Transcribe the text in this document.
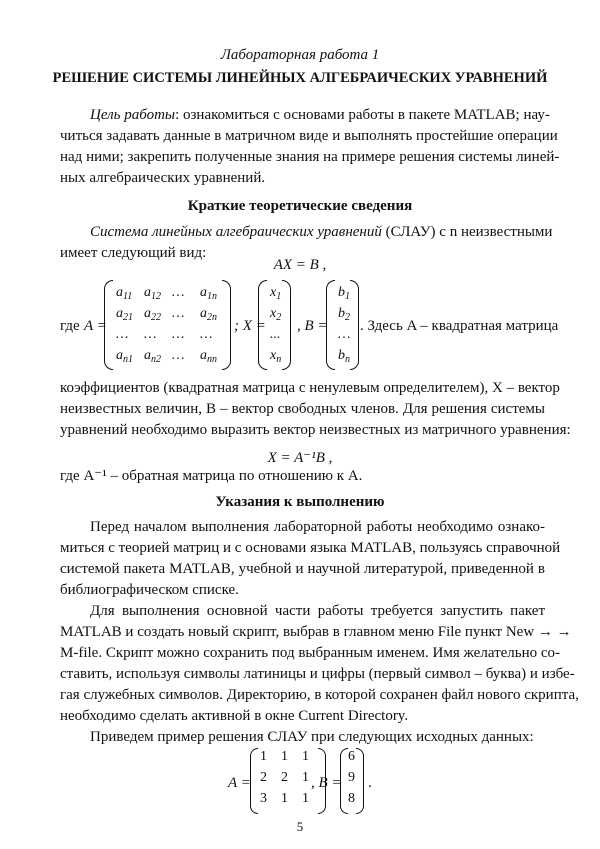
Лабораторная работа 1
РЕШЕНИЕ СИСТЕМЫ ЛИНЕЙНЫХ АЛГЕБРАИЧЕСКИХ УРАВНЕНИЙ
Цель работы: ознакомиться с основами работы в пакете MATLAB; нау-
читься задавать данные в матричном виде и выполнять простейшие операции
над ними; закрепить полученные знания на примере решения системы линей-
ных алгебраических уравнений.
Краткие теоретические сведения
Система линейных алгебраических уравнений (СЛАУ) с n неизвестными
имеет следующий вид:
AX = B ,
где A =
$a_{11}$ $a_{12}$ … $a_{1n}$
$a_{21}$ $a_{22}$ … $a_{2n}$
… … … …
$a_{n1}$ $a_{n2}$ … $a_{nn}$
; X =
$x_1$
$x_2$
...
$x_n$
, B =
$b_1$
$b_2$
…
$b_n$
. Здесь A – квадратная матрица
коэффициентов (квадратная матрица с ненулевым определителем), X – вектор
неизвестных величин, B – вектор свободных членов. Для решения системы
уравнений необходимо выразить вектор неизвестных из матричного уравнения:
X = A⁻¹B ,
где A⁻¹ – обратная матрица по отношению к A.
Указания к выполнению
Перед началом выполнения лабораторной работы необходимо ознако-
миться с теорией матриц и с основами языка MATLAB, пользуясь справочной
системой пакета MATLAB, учебной и научной литературой, приведенной в
библиографическом списке.
Для выполнения основной части работы требуется запустить пакет
MATLAB и создать новый скрипт, выбрав в главном меню File пункт New → →
M-file. Скрипт можно сохранить под выбранным именем. Имя желательно со-
ставить, используя символы латиницы и цифры (первый символ – буква) и избе-
гая служебных символов. Директорию, в которой сохранен файл нового скрипта,
необходимо сделать активной в окне Current Directory.
Приведем пример решения СЛАУ при следующих исходных данных:
A =
1 1 1
2 2 1
3 1 1
, B =
6
9
8
.
5
